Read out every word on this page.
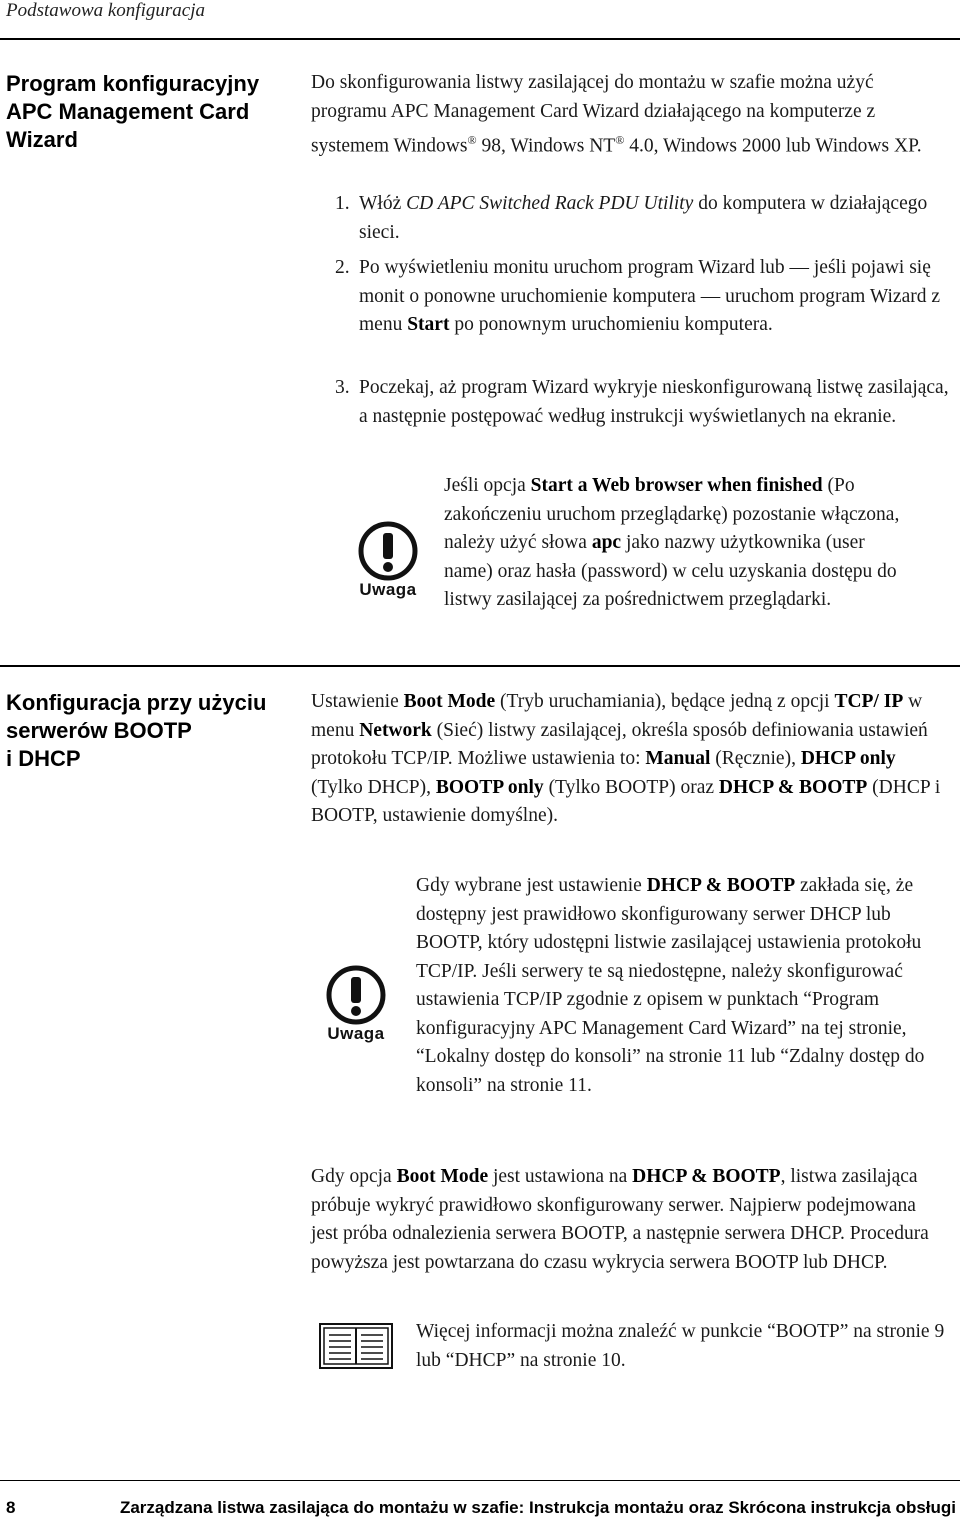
Podstawowa konfiguracja
Program konfiguracyjny
APC Management Card
Wizard
Do skonfigurowania listwy zasilającej do montażu w szafie można użyć programu APC Management Card Wizard działającego na komputerze z systemem Windows® 98, Windows NT® 4.0, Windows 2000 lub Windows XP.
1. Włóż CD APC Switched Rack PDU Utility do komputera w działającego sieci.
2. Po wyświetleniu monitu uruchom program Wizard lub — jeśli pojawi się monit o ponowne uruchomienie komputera — uruchom program Wizard z menu Start po ponownym uruchomieniu komputera.
3. Poczekaj, aż program Wizard wykryje nieskonfigurowaną listwę zasilająca, a następnie postępować według instrukcji wyświetlanych na ekranie.
Uwaga
Jeśli opcja Start a Web browser when finished (Po zakończeniu uruchom przeglądarkę) pozostanie włączona, należy użyć słowa apc jako nazwy użytkownika (user name) oraz hasła (password) w celu uzyskania dostępu do listwy zasilającej za pośrednictwem przeglądarki.
Konfiguracja przy użyciu
serwerów BOOTP
i DHCP
Ustawienie Boot Mode (Tryb uruchamiania), będące jedną z opcji TCP/ IP w menu Network (Sieć) listwy zasilającej, określa sposób definiowania ustawień protokołu TCP/IP. Możliwe ustawienia to: Manual (Ręcznie), DHCP only (Tylko DHCP), BOOTP only (Tylko BOOTP) oraz DHCP & BOOTP (DHCP i BOOTP, ustawienie domyślne).
Uwaga
Gdy wybrane jest ustawienie DHCP & BOOTP zakłada się, że dostępny jest prawidłowo skonfigurowany serwer DHCP lub BOOTP, który udostępni listwie zasilającej ustawienia protokołu TCP/IP. Jeśli serwery te są niedostępne, należy skonfigurować ustawienia TCP/IP zgodnie z opisem w punktach “Program konfiguracyjny APC Management Card Wizard” na tej stronie, “Lokalny dostęp do konsoli” na stronie 11 lub “Zdalny dostęp do konsoli” na stronie 11.
Gdy opcja Boot Mode jest ustawiona na DHCP & BOOTP, listwa zasilająca próbuje wykryć prawidłowo skonfigurowany serwer. Najpierw podejmowana jest próba odnalezienia serwera BOOTP, a następnie serwera DHCP. Procedura powyższa jest powtarzana do czasu wykrycia serwera BOOTP lub DHCP.
Więcej informacji można znaleźć w punkcie “BOOTP” na stronie 9 lub “DHCP” na stronie 10.
8	Zarządzana listwa zasilająca do montażu w szafie: Instrukcja montażu oraz Skrócona instrukcja obsługi
